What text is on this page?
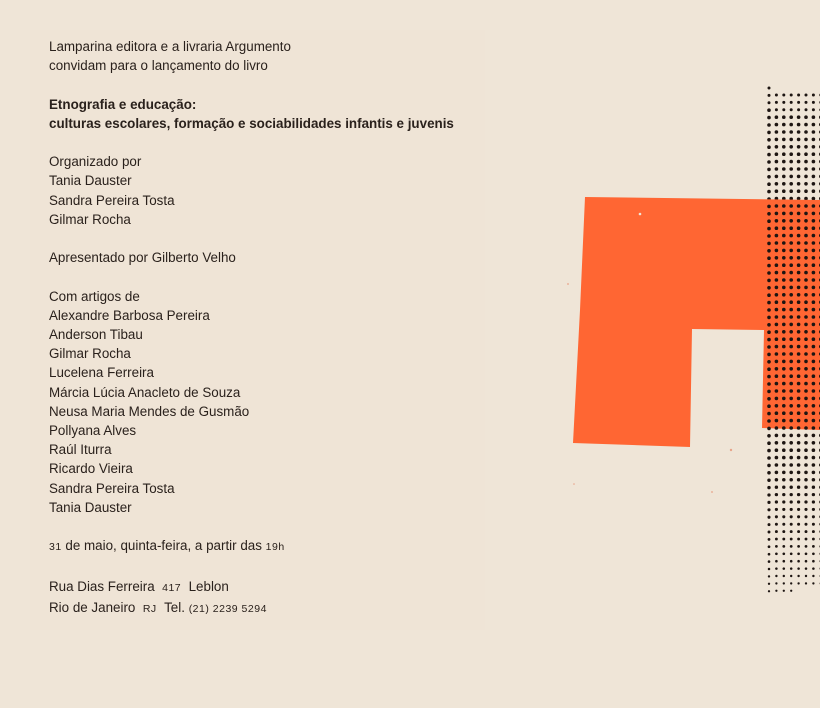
Lamparina editora e a livraria Argumento
convidam para o lançamento do livro

Etnografia e educação:
culturas escolares, formação e sociabilidades infantis e juvenis

Organizado por
Tania Dauster
Sandra Pereira Tosta
Gilmar Rocha

Apresentado por Gilberto Velho

Com artigos de
Alexandre Barbosa Pereira
Anderson Tibau
Gilmar Rocha
Lucelena Ferreira
Márcia Lúcia Anacleto de Souza
Neusa Maria Mendes de Gusmão
Pollyana Alves
Raúl Iturra
Ricardo Vieira
Sandra Pereira Tosta
Tania Dauster

31 de maio, quinta-feira, a partir das 19h

Rua Dias Ferreira 417 Leblon
Rio de Janeiro RJ Tel. (21) 2239 5294
